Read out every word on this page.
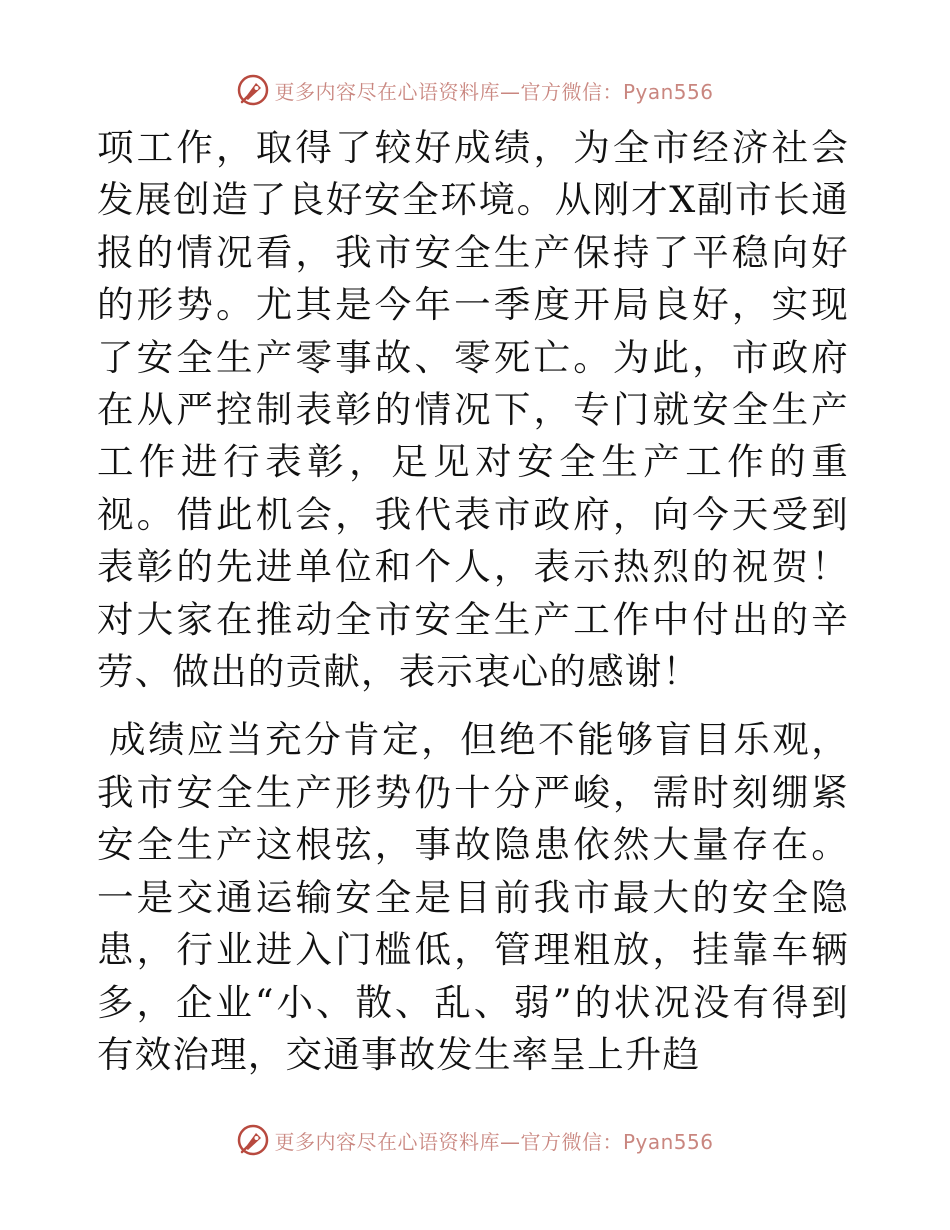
更多内容尽在心语资料库—官方微信：Pyan556

项工作，取得了较好成绩，为全市经济社会发展创造了良好安全环境。从刚才X副市长通报的情况看，我市安全生产保持了平稳向好的形势。尤其是今年一季度开局良好，实现了安全生产零事故、零死亡。为此，市政府在从严控制表彰的情况下，专门就安全生产工作进行表彰，足见对安全生产工作的重视。借此机会，我代表市政府，向今天受到表彰的先进单位和个人，表示热烈的祝贺！对大家在推动全市安全生产工作中付出的辛劳、做出的贡献，表示衷心的感谢！

成绩应当充分肯定，但绝不能够盲目乐观，我市安全生产形势仍十分严峻，需时刻绷紧安全生产这根弦，事故隐患依然大量存在。一是交通运输安全是目前我市最大的安全隐患，行业进入门槛低，管理粗放，挂靠车辆多，企业“小、散、乱、弱”的状况没有得到有效治理，交通事故发生率呈上升趋

更多内容尽在心语资料库—官方微信：Pyan556
